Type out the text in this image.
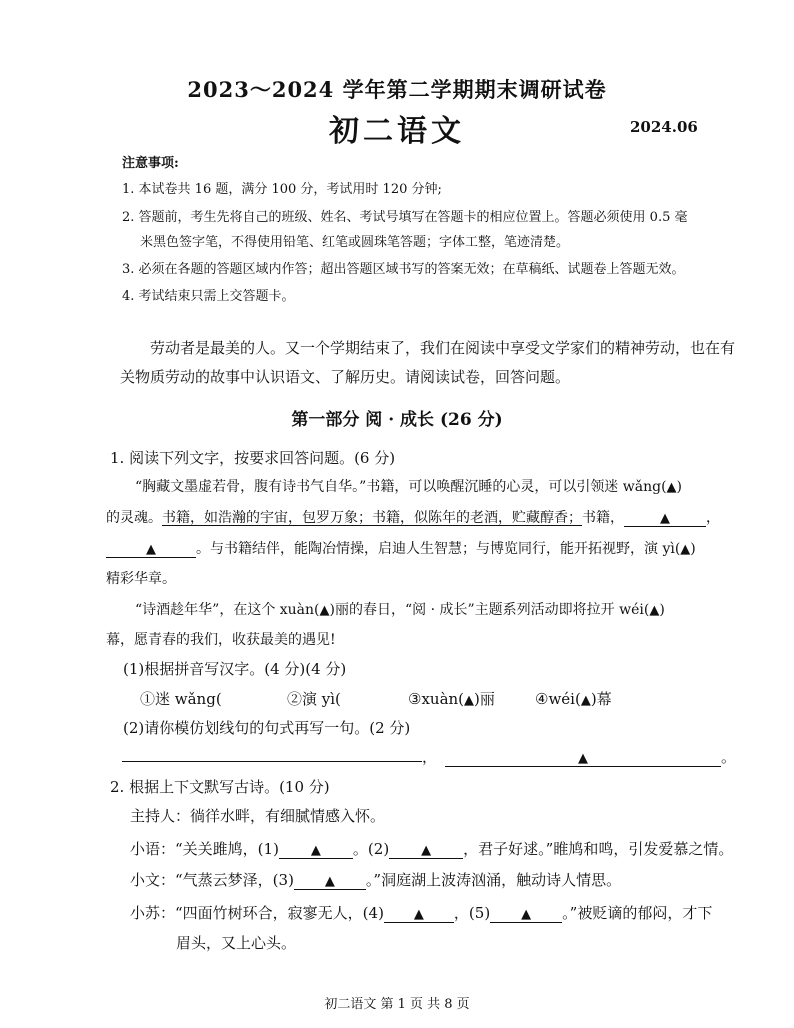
2023～2024 学年第二学期期末调研试卷
初二语文	2024.06
注意事项:
1. 本试卷共 16 题，满分 100 分，考试用时 120 分钟;
2. 答题前，考生先将自己的班级、姓名、考试号填写在答题卡的相应位置上。答题必须使用 0.5 毫
米黑色签字笔，不得使用铅笔、红笔或圆珠笔答题；字体工整，笔迹清楚。
3. 必须在各题的答题区域内作答；超出答题区域书写的答案无效；在草稿纸、试题卷上答题无效。
4. 考试结束只需上交答题卡。
劳动者是最美的人。又一个学期结束了，我们在阅读中享受文学家们的精神劳动，也在有
关物质劳动的故事中认识语文、了解历史。请阅读试卷，回答问题。
第一部分 阅 · 成长 (26 分)
1. 阅读下列文字，按要求回答问题。(6 分)
“胸藏文墨虚若骨，腹有诗书气自华。”书籍，可以唤醒沉睡的心灵，可以引领迷 wǎng(▲)
的灵魂。书籍，如浩瀚的宇宙，包罗万象；书籍，似陈年的老酒，贮藏醇香；书籍，	▲	，
▲	。与书籍结伴，能陶冶情操，启迪人生智慧；与博览同行，能开拓视野，演 yì(▲)
精彩华章。
“诗酒趁年华”，在这个 xuàn(▲)丽的春日，“阅 · 成长”主题系列活动即将拉开 wéi(▲)
幕，愿青春的我们，收获最美的遇见!
(1)根据拼音写汉字。(4 分)(4 分)
①迷 wǎng(	②演 yì(	③xuàn(▲)丽	④wéi(▲)幕
(2)请你模仿划线句的句式再写一句。(2 分)
，	▲	。
2. 根据上下文默写古诗。(10 分)
主持人：徜徉水畔，有细腻情感入怀。
小语：“关关雎鸠，(1) ▲ 。(2) ▲ ，君子好逑。”睢鸠和鸣，引发爱慕之情。
小文：“气蒸云梦泽，(3) ▲ 。”洞庭湖上波涛汹涌，触动诗人情思。
小苏：“四面竹树环合，寂寥无人，(4) ▲ ，(5) ▲ 。”被贬谪的郁闷，才下
眉头，又上心头。
初二语文 第 1 页 共 8 页
